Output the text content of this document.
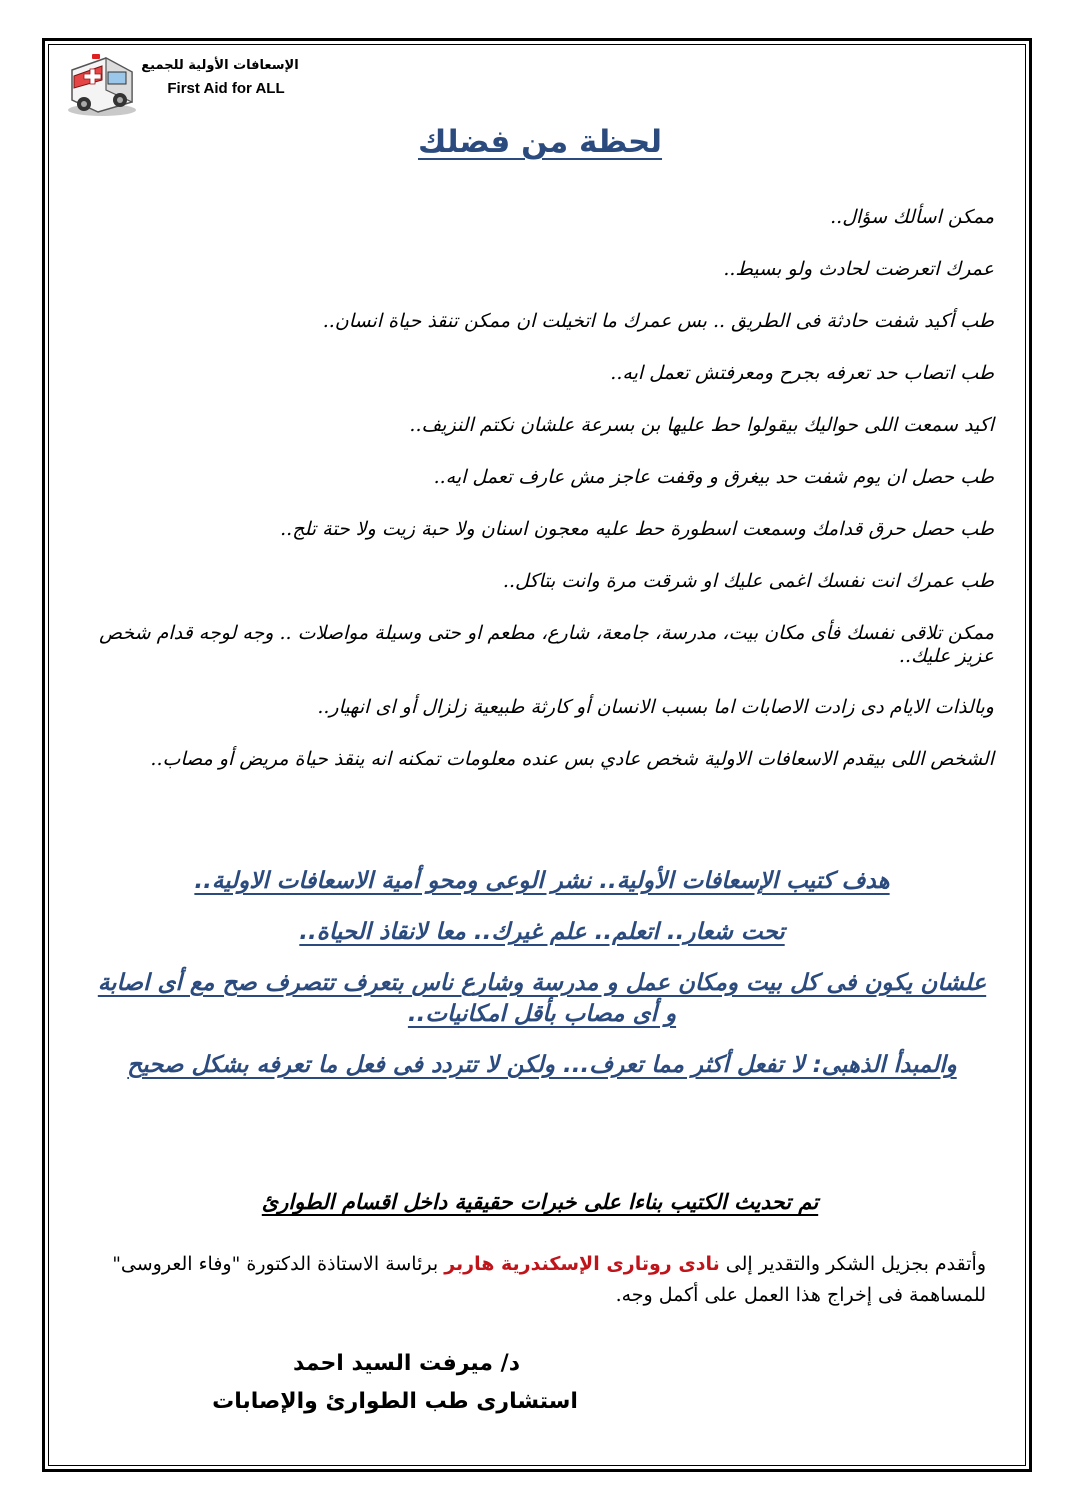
الإسعافات الأولية للجميع
First Aid for ALL
لحظة من فضلك

ممكن اسألك سؤال..

عمرك اتعرضت لحادث ولو بسيط..

طب أكيد شفت حادثة فى الطريق .. بس عمرك ما اتخيلت ان ممكن تنقذ حياة انسان..

طب اتصاب حد تعرفه بجرح ومعرفتش تعمل ايه..

اكيد سمعت اللى حواليك بيقولوا حط عليها بن بسرعة علشان نكتم النزيف..

طب حصل ان يوم شفت حد بيغرق و وقفت عاجز مش عارف تعمل ايه..

طب حصل حرق قدامك وسمعت اسطورة حط عليه معجون اسنان ولا حبة زيت ولا حتة تلج..

طب عمرك انت نفسك اغمى عليك او شرقت مرة وانت بتاكل..

ممكن تلاقى نفسك فأى مكان بيت، مدرسة، جامعة، شارع، مطعم او حتى وسيلة مواصلات .. وجه لوجه قدام شخص عزيز عليك..

وبالذات الايام دى زادت الاصابات اما بسبب الانسان أو كارثة طبيعية زلزال أو اى انهيار..

الشخص اللى بيقدم الاسعافات الاولية شخص عادي بس عنده معلومات تمكنه انه ينقذ حياة مريض أو مصاب..

هدف كتيب الإسعافات الأولية.. نشر الوعى ومحو أمية الاسعافات الاولية..

تحت شعار.. اتعلم.. علم غيرك.. معا لانقاذ الحياة..

علشان يكون فى كل بيت ومكان عمل و مدرسة وشارع ناس بتعرف تتصرف صح مع أى اصابة و أى مصاب بأقل امكانيات..

والمبدأ الذهبى: لا تفعل أكثر مما تعرف... ولكن لا تتردد فى فعل ما تعرفه بشكل صحيح

تم تحديث الكتيب بناءا على خبرات حقيقية داخل اقسام الطوارئ
وأتقدم بجزيل الشكر والتقدير إلى نادى روتارى الإسكندرية هاربر برئاسة الاستاذة الدكتورة "وفاء العروسى" للمساهمة فى إخراج هذا العمل على أكمل وجه.
د/ ميرفت السيد احمد
استشارى طب الطوارئ والإصابات
